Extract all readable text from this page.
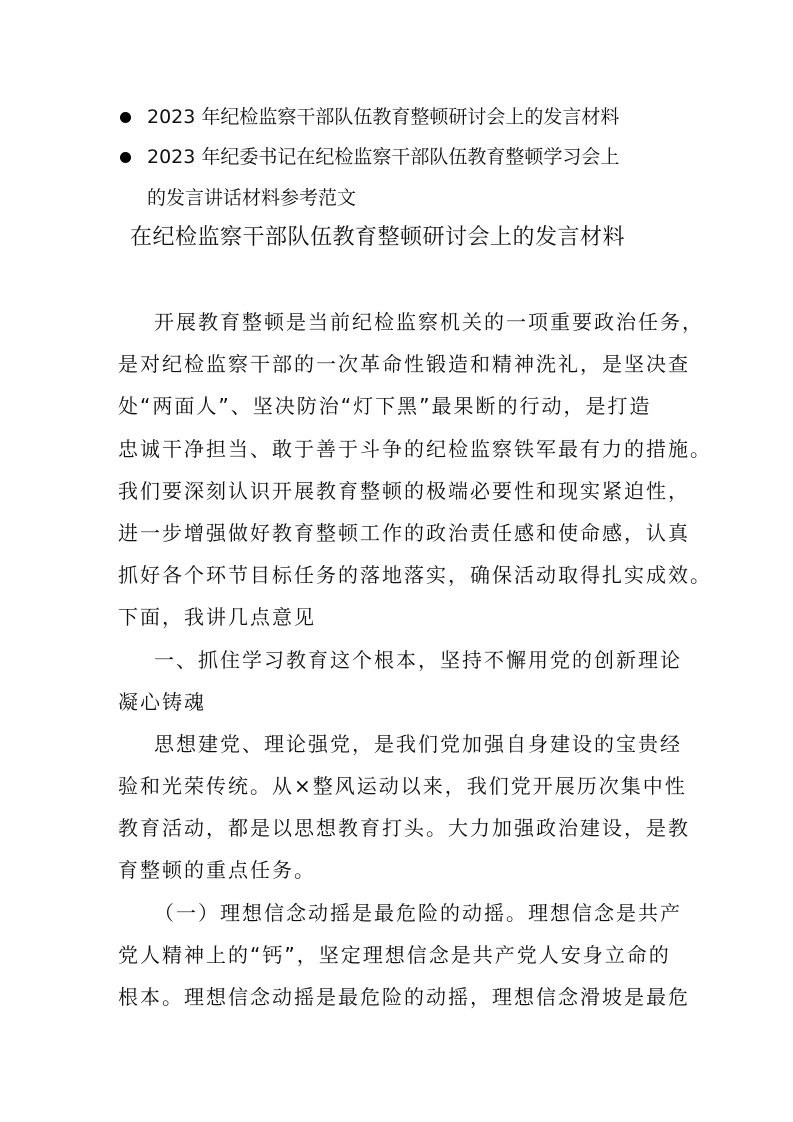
2023 年纪检监察干部队伍教育整顿研讨会上的发言材料
2023 年纪委书记在纪检监察干部队伍教育整顿学习会上
的发言讲话材料参考范文
在纪检监察干部队伍教育整顿研讨会上的发言材料
开展教育整顿是当前纪检监察机关的一项重要政治任务，
是对纪检监察干部的一次革命性锻造和精神洗礼，是坚决查
处“两面人”、坚决防治“灯下黑”最果断的行动，是打造
忠诚干净担当、敢于善于斗争的纪检监察铁军最有力的措施。
我们要深刻认识开展教育整顿的极端必要性和现实紧迫性，
进一步增强做好教育整顿工作的政治责任感和使命感，认真
抓好各个环节目标任务的落地落实，确保活动取得扎实成效。
下面，我讲几点意见
一、抓住学习教育这个根本，坚持不懈用党的创新理论
凝心铸魂
思想建党、理论强党，是我们党加强自身建设的宝贵经
验和光荣传统。从×整风运动以来，我们党开展历次集中性
教育活动，都是以思想教育打头。大力加强政治建设，是教
育整顿的重点任务。
（一）理想信念动摇是最危险的动摇。理想信念是共产
党人精神上的“钙”，坚定理想信念是共产党人安身立命的
根本。理想信念动摇是最危险的动摇，理想信念滑坡是最危
